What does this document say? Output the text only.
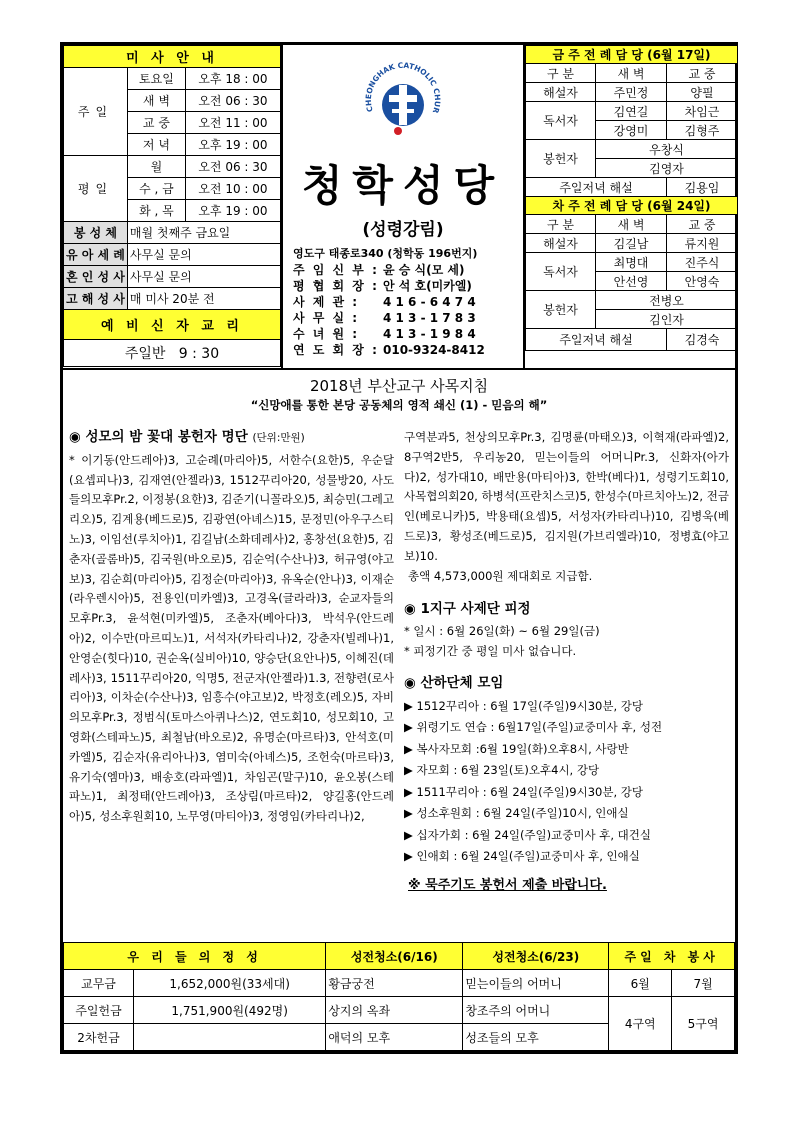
미 사 안 내		
주일	토요일	오후 18 : 00
	새 벽	오전 06 : 30
	교 중	오전 11 : 00
	저 녁	오후 19 : 00
평일	월	오전 06 : 30
	수 , 금	오전 10 : 00
	화 , 목	오후 19 : 00
봉 성 체	매월 첫째주 금요일	
유 아 세 례	사무실 문의	
혼 인 성 사	사무실 문의	
고 해 성 사	매 미사 20분 전	
예 비 신 자 교 리		
주일반   9 : 30		
CHEONGHAK CATHOLIC CHUR
청학성당
(성령강림)
영도구 태종로340 (청학동 196번지)
주 임 신 부 : 윤 승 식(모 세)
평 협 회 장 : 안 석 호(미카엘)
사 제 관 :	4 1 6 - 6 4 7 4
사 무 실 :	4 1 3 - 1 7 8 3
수 녀 원 :	4 1 3 - 1 9 8 4
연 도 회 장 : 010-9324-8412
금 주 전 례 담 당 (6월 17일)		
구 분	새 벽	교 중
해설자	주민정	양필
독서자	김연길	차임근
	강영미	김형주
봉헌자	우창식	
	김영자	
주일저녁 해설		김용임
차 주 전 례 담 당 (6월 24일)		
구 분	새 벽	교 중
해설자	김길남	류지원
독서자	최명대	진주식
	안선영	안영숙
봉헌자	전병오	
	김인자	
주일저녁 해설		김경숙
2018년 부산교구 사목지침
“신망애를 통한 본당 공동체의 영적 쇄신 (1) - 믿음의 해”
◉ 성모의 밤 꽃대 봉헌자 명단 (단위:만원)
* 이기동(안드레아)3, 고순례(마리아)5, 서한수(요한)5, 우순달(요셉피나)3, 김재연(안젤라)3, 1512꾸리아20, 성물방20, 사도들의모후Pr.2, 이정봉(요한)3, 김준기(니꼴라오)5, 최승민(그레고리오)5, 김계용(베드로)5, 김광연(아녜스)15, 문정민(아우구스티노)3, 이임선(루치아)1, 김길남(소화데레사)2, 홍창선(요한)5, 김춘자(골롬바)5, 김국원(바오로)5, 김순억(수산나)3, 허규영(야고보)3, 김순희(마리아)5, 김정순(마리아)3, 유옥순(안나)3, 이재순(라우렌시아)5, 전용인(미카엘)3, 고경옥(글라라)3, 순교자들의모후Pr.3, 윤석현(미카엘)5, 조춘자(베아다)3, 박석우(안드레아)2, 이수만(마르띠노)1, 서석자(카타리나)2, 강춘자(빌레나)1, 안영순(힛다)10, 권순옥(실비아)10, 양승단(요안나)5, 이혜진(데레사)3, 1511꾸리아20, 익명5, 전군자(안젤라)1.3, 전향련(로사리아)3, 이차순(수산나)3, 임흥수(야고보)2, 박정호(레오)5, 자비의모후Pr.3, 정범식(토마스아퀴나스)2, 연도회10, 성모회10, 고영화(스테파노)5, 최철남(바오로)2, 유명순(마르타)3, 안석호(미카엘)5, 김순자(유리아나)3, 염미숙(아녜스)5, 조헌숙(마르타)3, 유기숙(엠마)3, 배송호(라파엘)1, 차임곤(말구)10, 윤오봉(스테파노)1, 최정태(안드레아)3, 조상림(마르타)2, 양길홍(안드레아)5, 성소후원회10, 노무영(마티아)3, 정영임(카타리나)2,
구역분과5, 천상의모후Pr.3, 김명륜(마태오)3, 이혁재(라파엘)2, 8구역2반5, 우리농20, 믿는이들의 어머니Pr.3, 신화자(아가다)2, 성가대10, 배만용(마티아)3, 한박(베다)1, 성령기도회10, 사목협의회20, 하병석(프란치스코)5, 한성수(마르치아노)2, 전금인(베로니카)5, 박용태(요셉)5, 서성자(카타리나)10, 김병욱(베드로)3, 황성조(베드로)5, 김지원(가브리엘라)10, 정병효(야고보)10.
총액 4,573,000원 제대회로 지급함.
◉ 1지구 사제단 피정
* 일시 : 6월 26일(화) ~ 6월 29일(금)
* 피정기간 중 평일 미사 없습니다.
◉ 산하단체 모임
▶ 1512꾸리아 : 6월 17일(주일)9시30분, 강당
▶ 위령기도 연습 : 6월17일(주일)교중미사 후, 성전
▶ 복사자모회 :6월 19일(화)오후8시, 사랑반
▶ 자모회 : 6월 23일(토)오후4시, 강당
▶ 1511꾸리아 : 6월 24일(주일)9시30분, 강당
▶ 성소후원회 : 6월 24일(주일)10시, 인애실
▶ 십자가회 : 6월 24일(주일)교중미사 후, 대건실
▶ 인애회 : 6월 24일(주일)교중미사 후, 인애실
※ 묵주기도 봉헌서 제출 바랍니다.
우 리 들 의 정 성		성전청소(6/16)	성전청소(6/23)	주일 차 봉사	
교무금	1,652,000원(33세대)	황금궁전	믿는이들의 어머니	6월	7월
주일헌금	1,751,900원(492명)	상지의 옥좌	창조주의 어머니	4구역	5구역
2차헌금		애덕의 모후	성조들의 모후		
